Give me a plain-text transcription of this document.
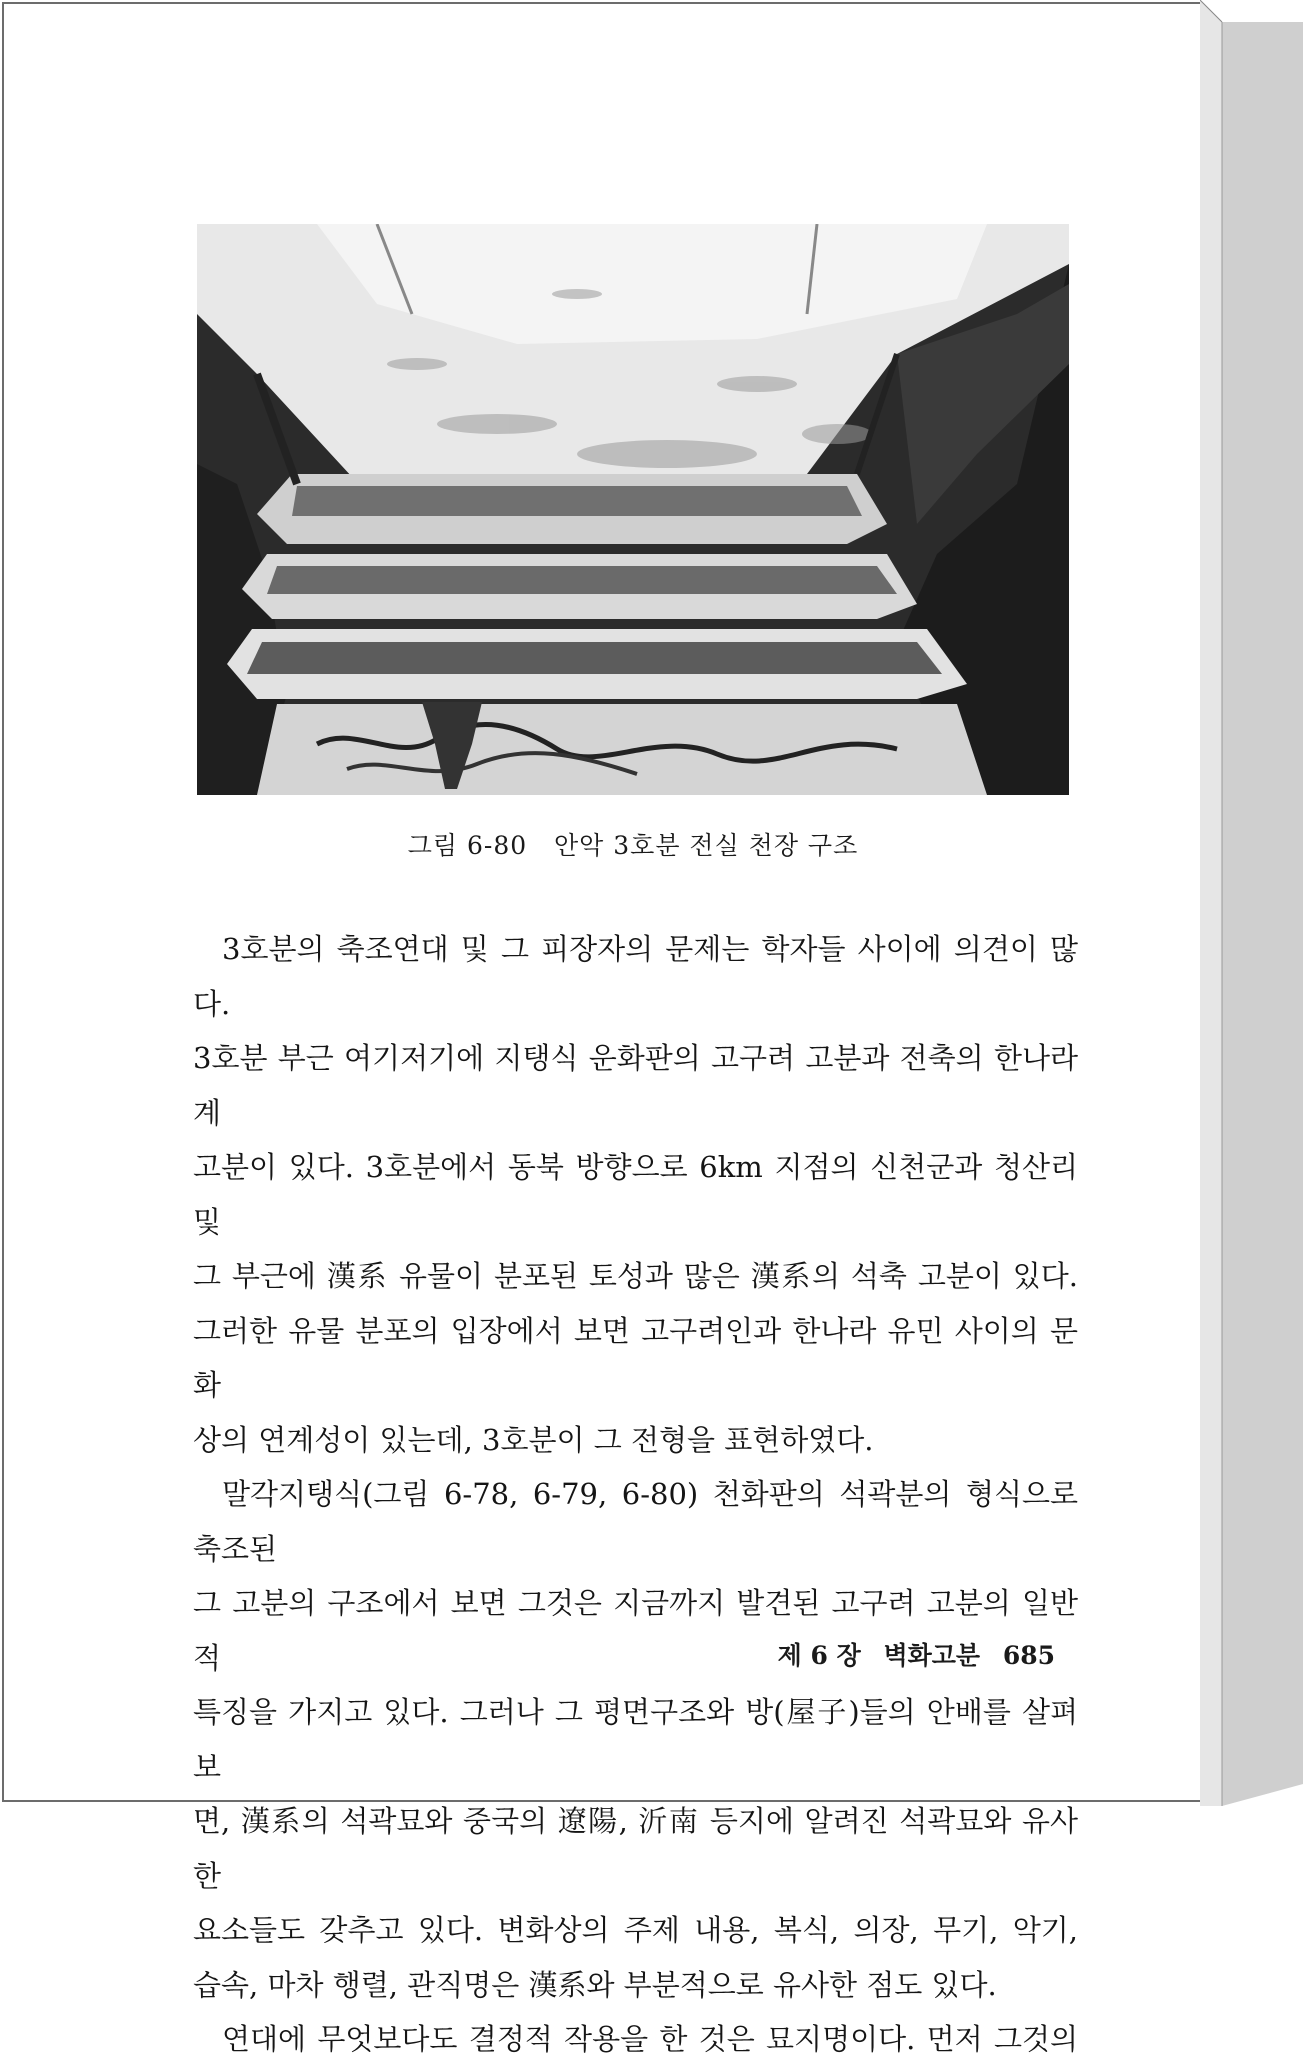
그림 6-80 안악 3호분 전실 천장 구조

3호분의 축조연대 및 그 피장자의 문제는 학자들 사이에 의견이 많다.

3호분 부근 여기저기에 지탱식 운화판의 고구려 고분과 전축의 한나라계

고분이 있다. 3호분에서 동북 방향으로 6km 지점의 신천군과 청산리 및

그 부근에 漢系 유물이 분포된 토성과 많은 漢系의 석축 고분이 있다.

그러한 유물 분포의 입장에서 보면 고구려인과 한나라 유민 사이의 문화

상의 연계성이 있는데, 3호분이 그 전형을 표현하였다.

말각지탱식(그림 6-78, 6-79, 6-80) 천화판의 석곽분의 형식으로 축조된

그 고분의 구조에서 보면 그것은 지금까지 발견된 고구려 고분의 일반적

특징을 가지고 있다. 그러나 그 평면구조와 방(屋子)들의 안배를 살펴보

면, 漢系의 석곽묘와 중국의 遼陽, 沂南 등지에 알려진 석곽묘와 유사한

요소들도 갖추고 있다. 변화상의 주제 내용, 복식, 의장, 무기, 악기,

습속, 마차 행렬, 관직명은 漢系와 부분적으로 유사한 점도 있다.

연대에 무엇보다도 결정적 작용을 한 것은 묘지명이다. 먼저 그것의

제 6 장 벽화고분 685
